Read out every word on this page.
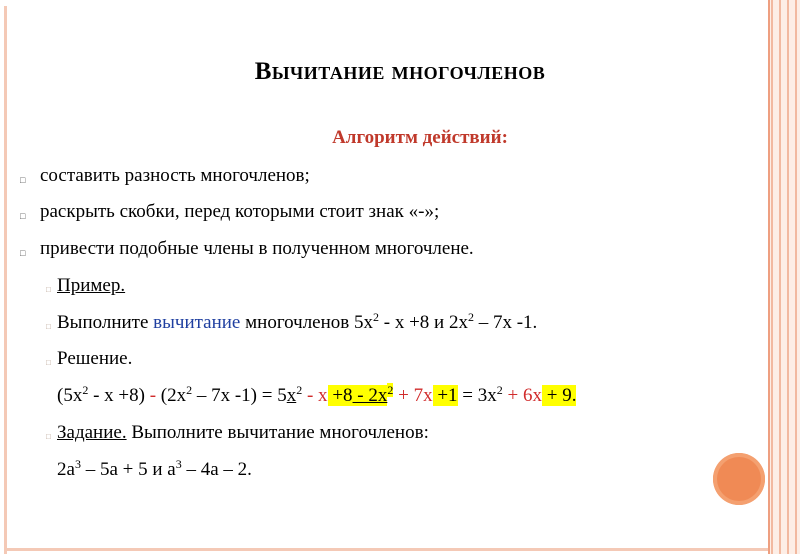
Вычитание многочленов
Алгоритм действий:
□ составить разность многочленов;
□ раскрыть скобки, перед которыми стоит знак «-»;
□ привести подобные члены в полученном многочлене.
□ Пример.
□ Выполните вычитание многочленов $5х^2 - х +8$ и $2х^2 - 7х$ -1.
□ Решение.
$(5х^2 - х +8) - (2х^2 - 7х$ $-1) = 5х^2 - х +8 - 2х^2 + 7х +1 = 3х^2 + 6х + 9$.
□ Задание. Выполните вычитание многочленов:
$2а^3 - 5а + 5$ и $а^3 - 4а - 2$.
